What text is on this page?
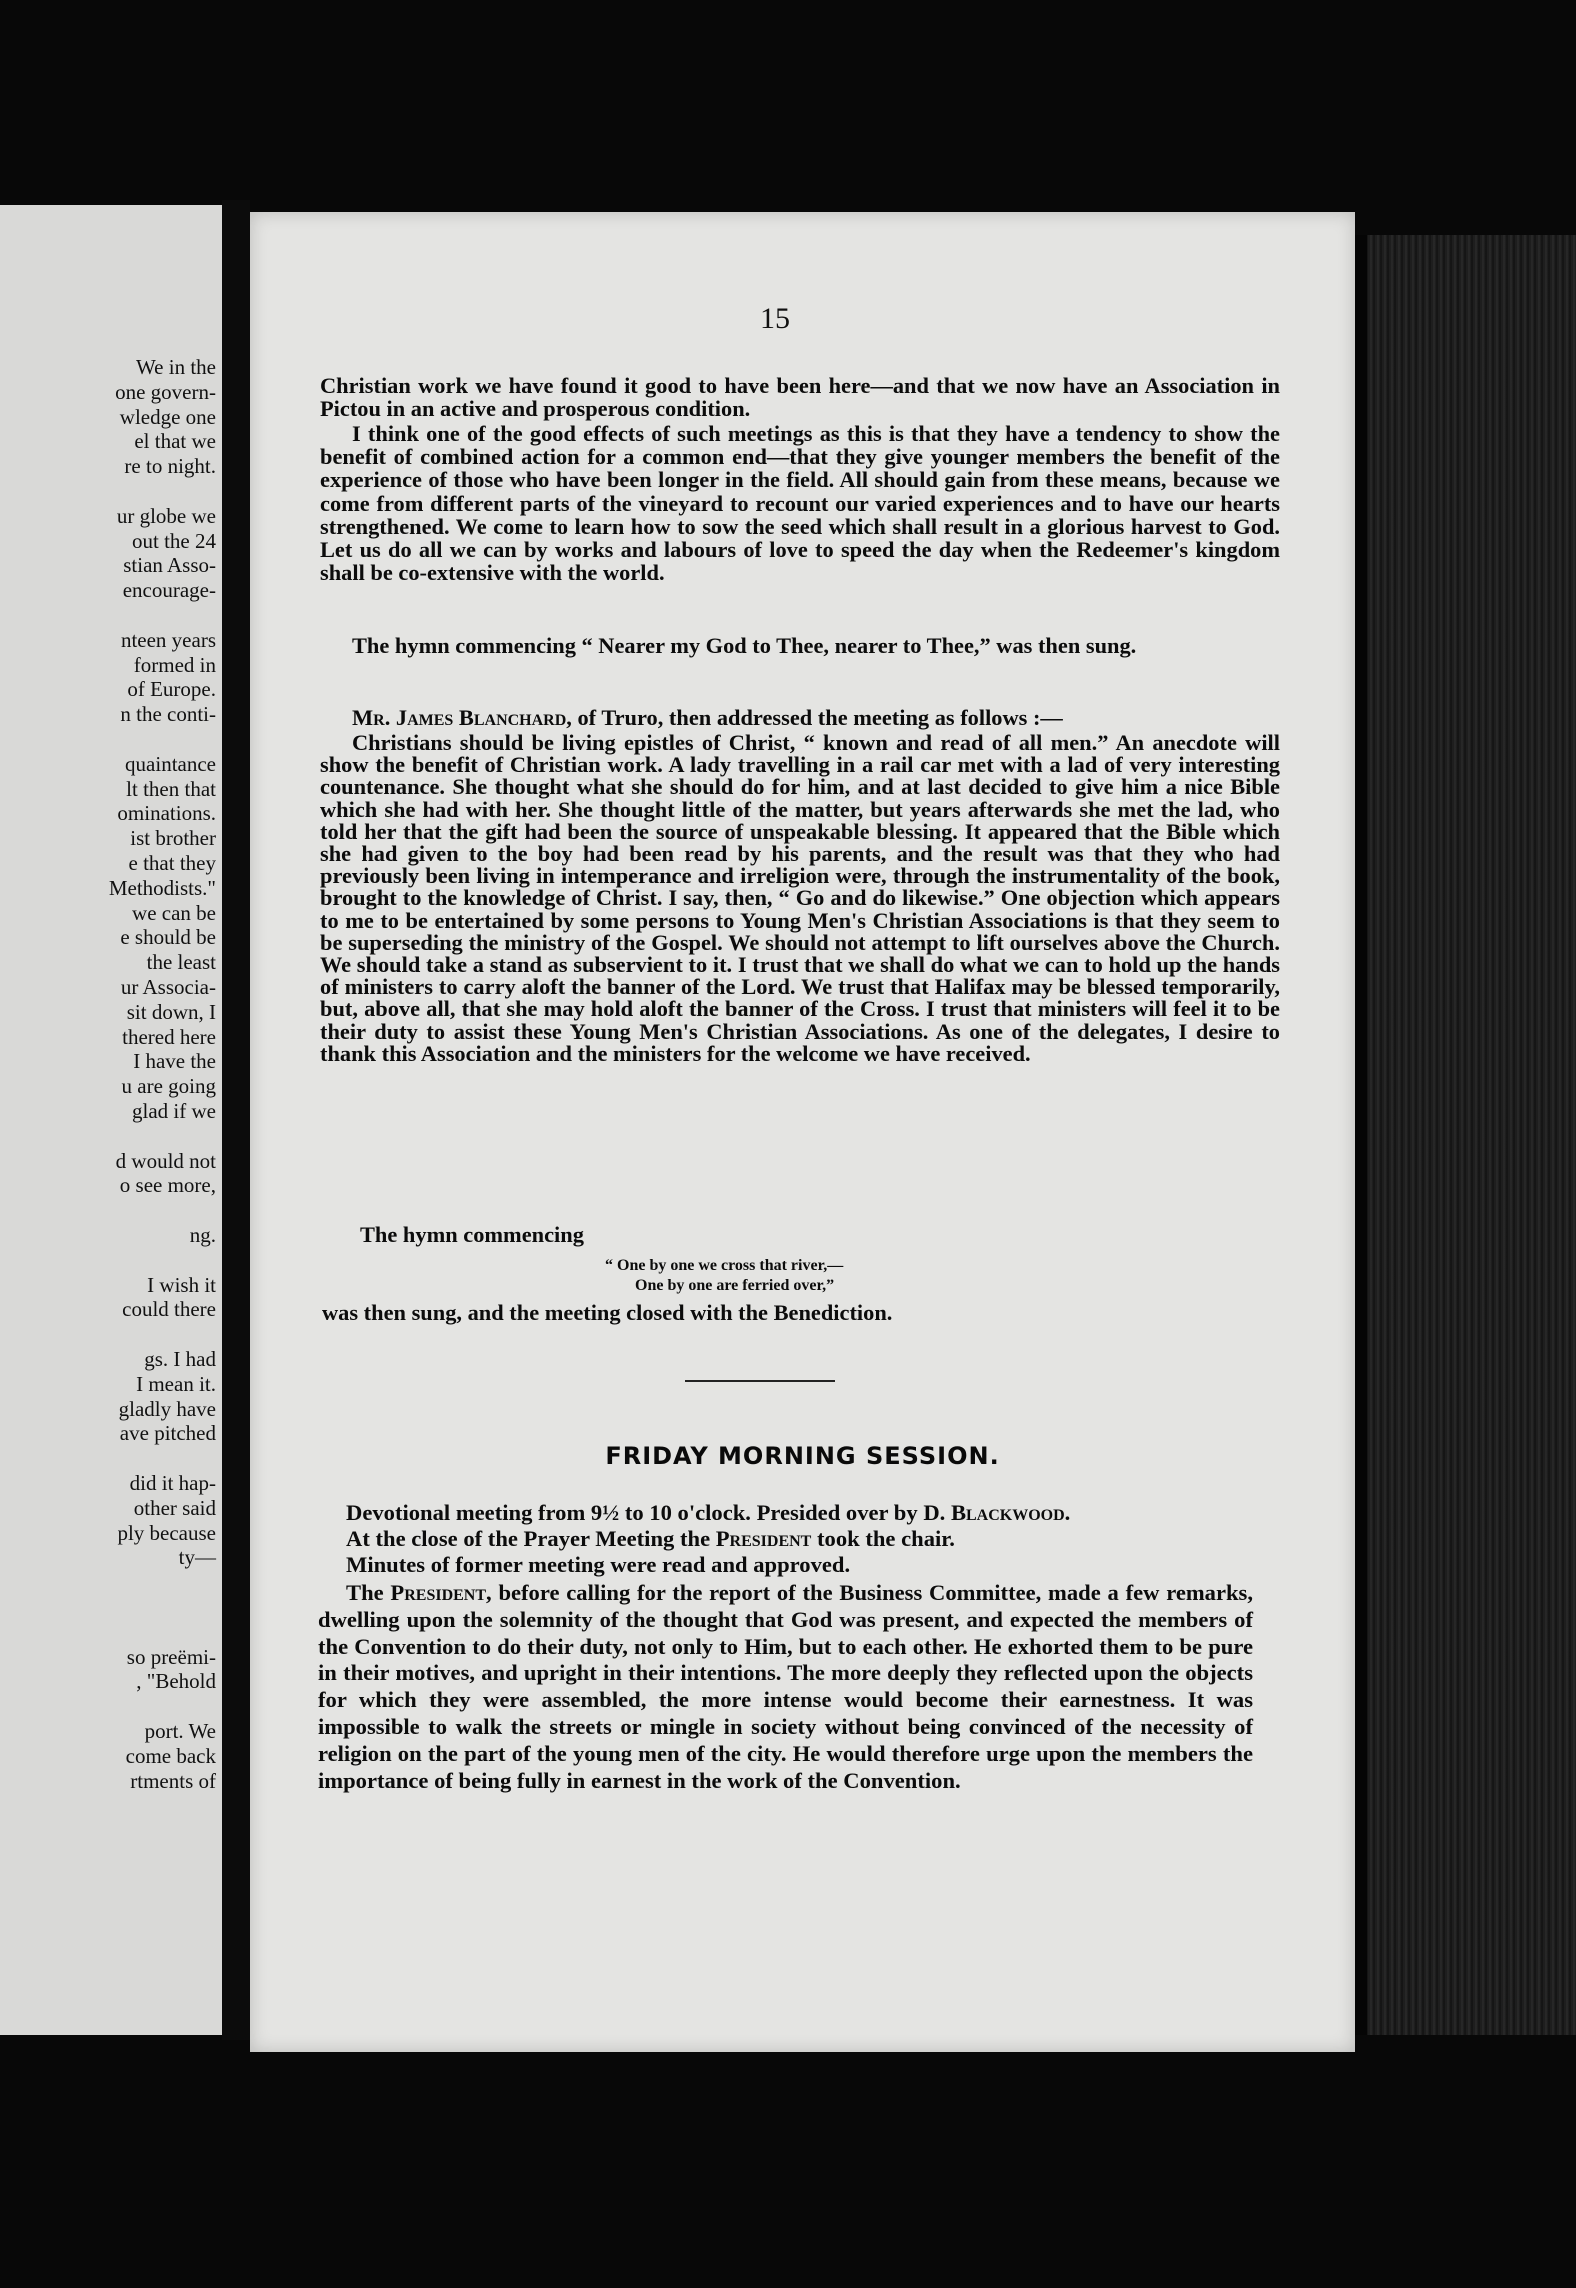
We in the
one govern-
wledge one
el that we
re to night.
ur globe we
out the 24
stian Asso-
encourage-
nteen years
formed in
of Europe.
n the conti-
quaintance
lt then that
ominations.
ist brother
e that they
Methodists."
we can be
e should be
the least
ur Associa-
sit down, I
thered here
I have the
u are going
glad if we
d would not
o see more,
ng.
I wish it
could there
gs. I had
I mean it.
gladly have
ave pitched
did it hap-
other said
ply because
ty—
so preëmi-
, "Behold
port. We
come back
rtments of
15
Christian work we have found it good to have been here—and that we now have an Association in Pictou in an active and prosperous condition.
I think one of the good effects of such meetings as this is that they have a tendency to show the benefit of combined action for a common end—that they give younger members the benefit of the experience of those who have been longer in the field. All should gain from these means, because we come from different parts of the vineyard to recount our varied experiences and to have our hearts strengthened. We come to learn how to sow the seed which shall result in a glorious harvest to God. Let us do all we can by works and labours of love to speed the day when the Redeemer's kingdom shall be co-extensive with the world.
The hymn commencing “ Nearer my God to Thee, nearer to Thee,” was then sung.
Mr. James Blanchard, of Truro, then addressed the meeting as follows :—
Christians should be living epistles of Christ, “ known and read of all men.” An anecdote will show the benefit of Christian work. A lady travelling in a rail car met with a lad of very interesting countenance. She thought what she should do for him, and at last decided to give him a nice Bible which she had with her. She thought little of the matter, but years afterwards she met the lad, who told her that the gift had been the source of unspeakable blessing. It appeared that the Bible which she had given to the boy had been read by his parents, and the result was that they who had previously been living in intemperance and irreligion were, through the instrumentality of the book, brought to the knowledge of Christ. I say, then, “ Go and do likewise.” One objection which appears to me to be entertained by some persons to Young Men's Christian Associations is that they seem to be superseding the ministry of the Gospel. We should not attempt to lift ourselves above the Church. We should take a stand as subservient to it. I trust that we shall do what we can to hold up the hands of ministers to carry aloft the banner of the Lord. We trust that Halifax may be blessed temporarily, but, above all, that she may hold aloft the banner of the Cross. I trust that ministers will feel it to be their duty to assist these Young Men's Christian Associations. As one of the delegates, I desire to thank this Association and the ministers for the welcome we have received.
The hymn commencing
“ One by one we cross that river,—
One by one are ferried over,”
was then sung, and the meeting closed with the Benediction.
FRIDAY MORNING SESSION.
Devotional meeting from 9½ to 10 o'clock. Presided over by D. Blackwood.
At the close of the Prayer Meeting the President took the chair.
Minutes of former meeting were read and approved.
The President, before calling for the report of the Business Committee, made a few remarks, dwelling upon the solemnity of the thought that God was present, and expected the members of the Convention to do their duty, not only to Him, but to each other. He exhorted them to be pure in their motives, and upright in their intentions. The more deeply they reflected upon the objects for which they were assembled, the more intense would become their earnestness. It was impossible to walk the streets or mingle in society without being convinced of the necessity of religion on the part of the young men of the city. He would therefore urge upon the members the importance of being fully in earnest in the work of the Convention.
